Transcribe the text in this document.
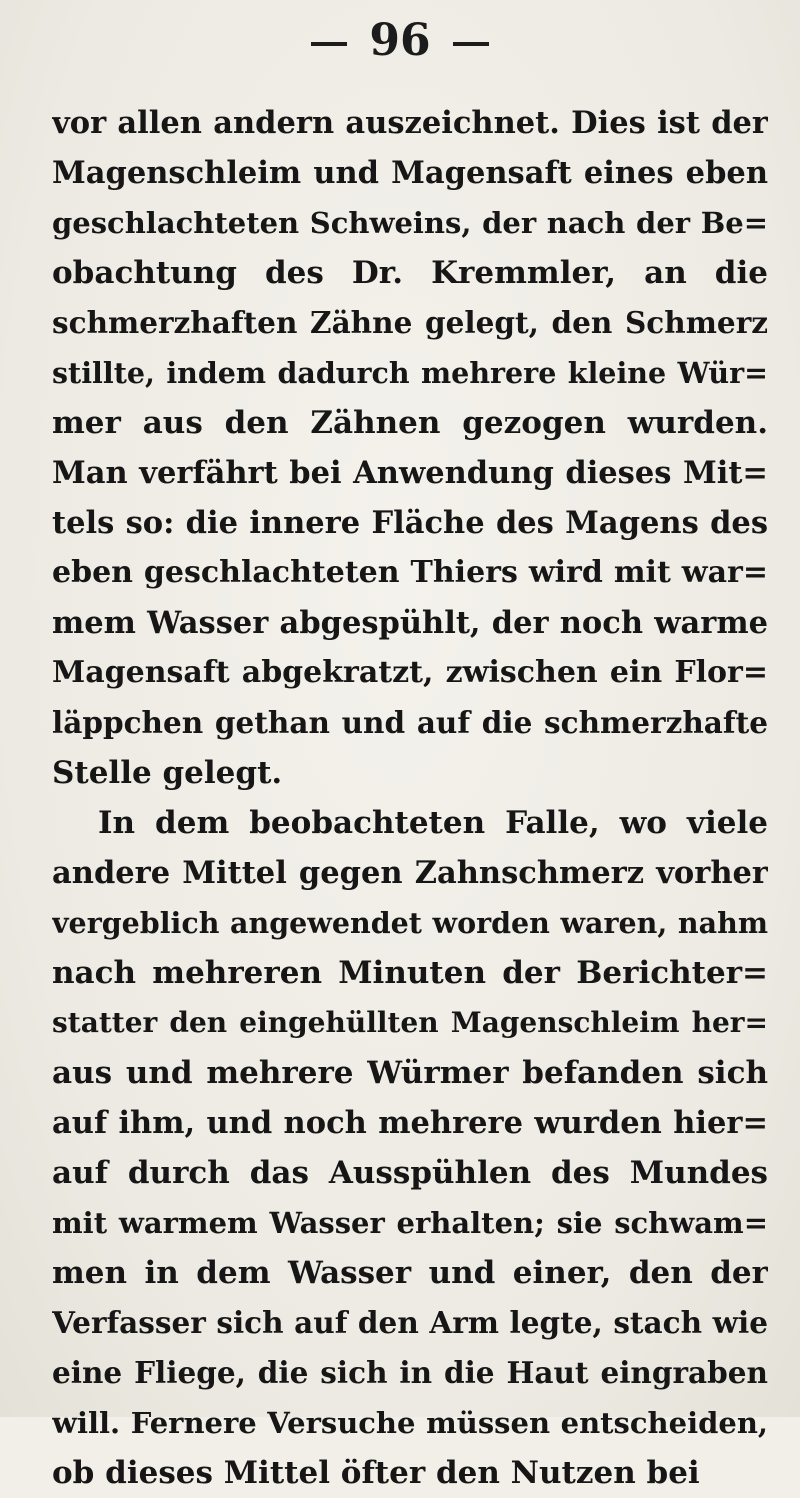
96
vor allen andern auszeichnet. Dies ist der
Magenschleim und Magensaft eines eben
geschlachteten Schweins, der nach der Be=
obachtung des Dr. Kremmler, an die
schmerzhaften Zähne gelegt, den Schmerz
stillte, indem dadurch mehrere kleine Wür=
mer aus den Zähnen gezogen wurden.
Man verfährt bei Anwendung dieses Mit=
tels so: die innere Fläche des Magens des
eben geschlachteten Thiers wird mit war=
mem Wasser abgespühlt, der noch warme
Magensaft abgekratzt, zwischen ein Flor=
läppchen gethan und auf die schmerzhafte
Stelle gelegt.
In dem beobachteten Falle, wo viele
andere Mittel gegen Zahnschmerz vorher
vergeblich angewendet worden waren, nahm
nach mehreren Minuten der Berichter=
statter den eingehüllten Magenschleim her=
aus und mehrere Würmer befanden sich
auf ihm, und noch mehrere wurden hier=
auf durch das Ausspühlen des Mundes
mit warmem Wasser erhalten; sie schwam=
men in dem Wasser und einer, den der
Verfasser sich auf den Arm legte, stach wie
eine Fliege, die sich in die Haut eingraben
will. Fernere Versuche müssen entscheiden,
ob dieses Mittel öfter den Nutzen bei
